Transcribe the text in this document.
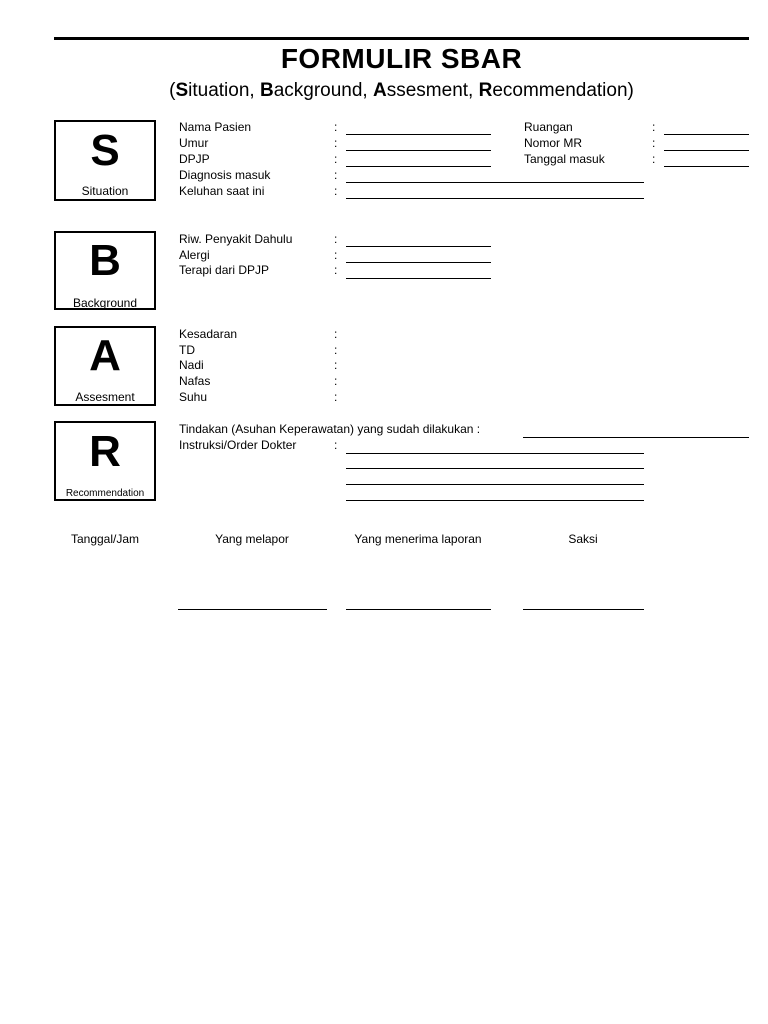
FORMULIR SBAR
(Situation, Background, Assesment, Recommendation)
S
Situation
B
Background
A
Assesment
R
Recommendation
Nama Pasien	:
Umur	:
DPJP	:
Diagnosis masuk	:
Keluhan saat ini	:
Ruangan	:
Nomor MR	:
Tanggal masuk	:
Riw. Penyakit Dahulu	:
Alergi	:
Terapi dari DPJP	:
Kesadaran	:
TD	:
Nadi	:
Nafas	:
Suhu	:
Tindakan (Asuhan Keperawatan) yang sudah dilakukan :
Instruksi/Order Dokter	:
Tanggal/Jam	Yang melapor	Yang menerima laporan	Saksi
